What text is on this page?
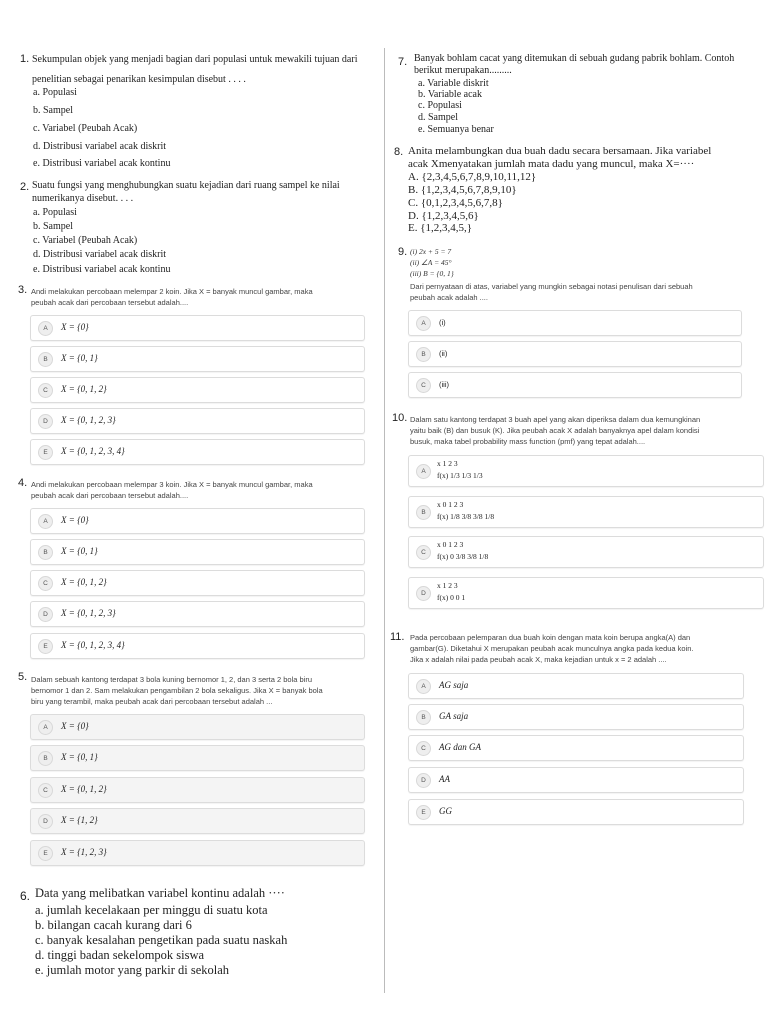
1. Sekumpulan objek yang menjadi bagian dari populasi untuk mewakili tujuan dari
penelitian sebagai penarikan kesimpulan disebut . . . .
a. Populasi
b. Sampel
c. Variabel (Peubah Acak)
d. Distribusi variabel acak diskrit
e. Distribusi variabel acak kontinu
2. Suatu fungsi yang menghubungkan suatu kejadian dari ruang sampel ke nilai
numerikanya disebut. . . .
a. Populasi
b. Sampel
c. Variabel (Peubah Acak)
d. Distribusi variabel acak diskrit
e. Distribusi variabel acak kontinu
3. Andi melakukan percobaan melempar 2 koin. Jika X = banyak muncul gambar, maka
peubah acak dari percobaan tersebut adalah....
A	X = {0}
B	X = {0, 1}
C	X = {0, 1, 2}
D	X = {0, 1, 2, 3}
E	X = {0, 1, 2, 3, 4}
4. Andi melakukan percobaan melempar 3 koin. Jika X = banyak muncul gambar, maka
peubah acak dari percobaan tersebut adalah....
A	X = {0}
B	X = {0, 1}
C	X = {0, 1, 2}
D	X = {0, 1, 2, 3}
E	X = {0, 1, 2, 3, 4}
5. Dalam sebuah kantong terdapat 3 bola kuning bernomor 1, 2, dan 3 serta 2 bola biru
bernomor 1 dan 2. Sam melakukan pengambilan 2 bola sekaligus. Jika X = banyak bola
biru yang terambil, maka peubah acak dari percobaan tersebut adalah ...
A	X = {0}
B	X = {0, 1}
C	X = {0, 1, 2}
D	X = {1, 2}
E	X = {1, 2, 3}
6. Data yang melibatkan variabel kontinu adalah ····
a. jumlah kecelakaan per minggu di suatu kota
b. bilangan cacah kurang dari 6
c. banyak kesalahan pengetikan pada suatu naskah
d. tinggi badan sekelompok siswa
e. jumlah motor yang parkir di sekolah
7. Banyak bohlam cacat yang ditemukan di sebuah gudang pabrik bohlam. Contoh
berikut merupakan.........
a. Variable diskrit
b. Variable acak
c. Populasi
d. Sampel
e. Semuanya benar
8. Anita melambungkan dua buah dadu secara bersamaan. Jika variabel
acak Xmenyatakan jumlah mata dadu yang muncul, maka X=····
A. {2,3,4,5,6,7,8,9,10,11,12}
B. {1,2,3,4,5,6,7,8,9,10}
C. {0,1,2,3,4,5,6,7,8}
D. {1,2,3,4,5,6}
E. {1,2,3,4,5,}
9. (i) 2x + 5 = 7
(ii) ∠A = 45°
(iii) B = {0, 1}
Dari pernyataan di atas, variabel yang mungkin sebagai notasi penulisan dari sebuah
peubah acak adalah ....
A	(i)
B	(ii)
C	(iii)
10. Dalam satu kantong terdapat 3 buah apel yang akan diperiksa dalam dua kemungkinan
yaitu baik (B) dan busuk (K). Jika peubah acak X adalah banyaknya apel dalam kondisi
busuk, maka tabel probability mass function (pmf) yang tepat adalah....
A
x 1 2 3
f(x) 1/3 1/3 1/3
B
x 0 1 2 3
f(x) 1/8 3/8 3/8 1/8
C
x 0 1 2 3
f(x) 0 3/8 3/8 1/8
D
x 1 2 3
f(x) 0 0 1
11. Pada percobaan pelemparan dua buah koin dengan mata koin berupa angka(A) dan
gambar(G). Diketahui X merupakan peubah acak munculnya angka pada kedua koin.
Jika x adalah nilai pada peubah acak X, maka kejadian untuk x = 2 adalah ....
A	AG saja
B	GA saja
C	AG dan GA
D	AA
E	GG
